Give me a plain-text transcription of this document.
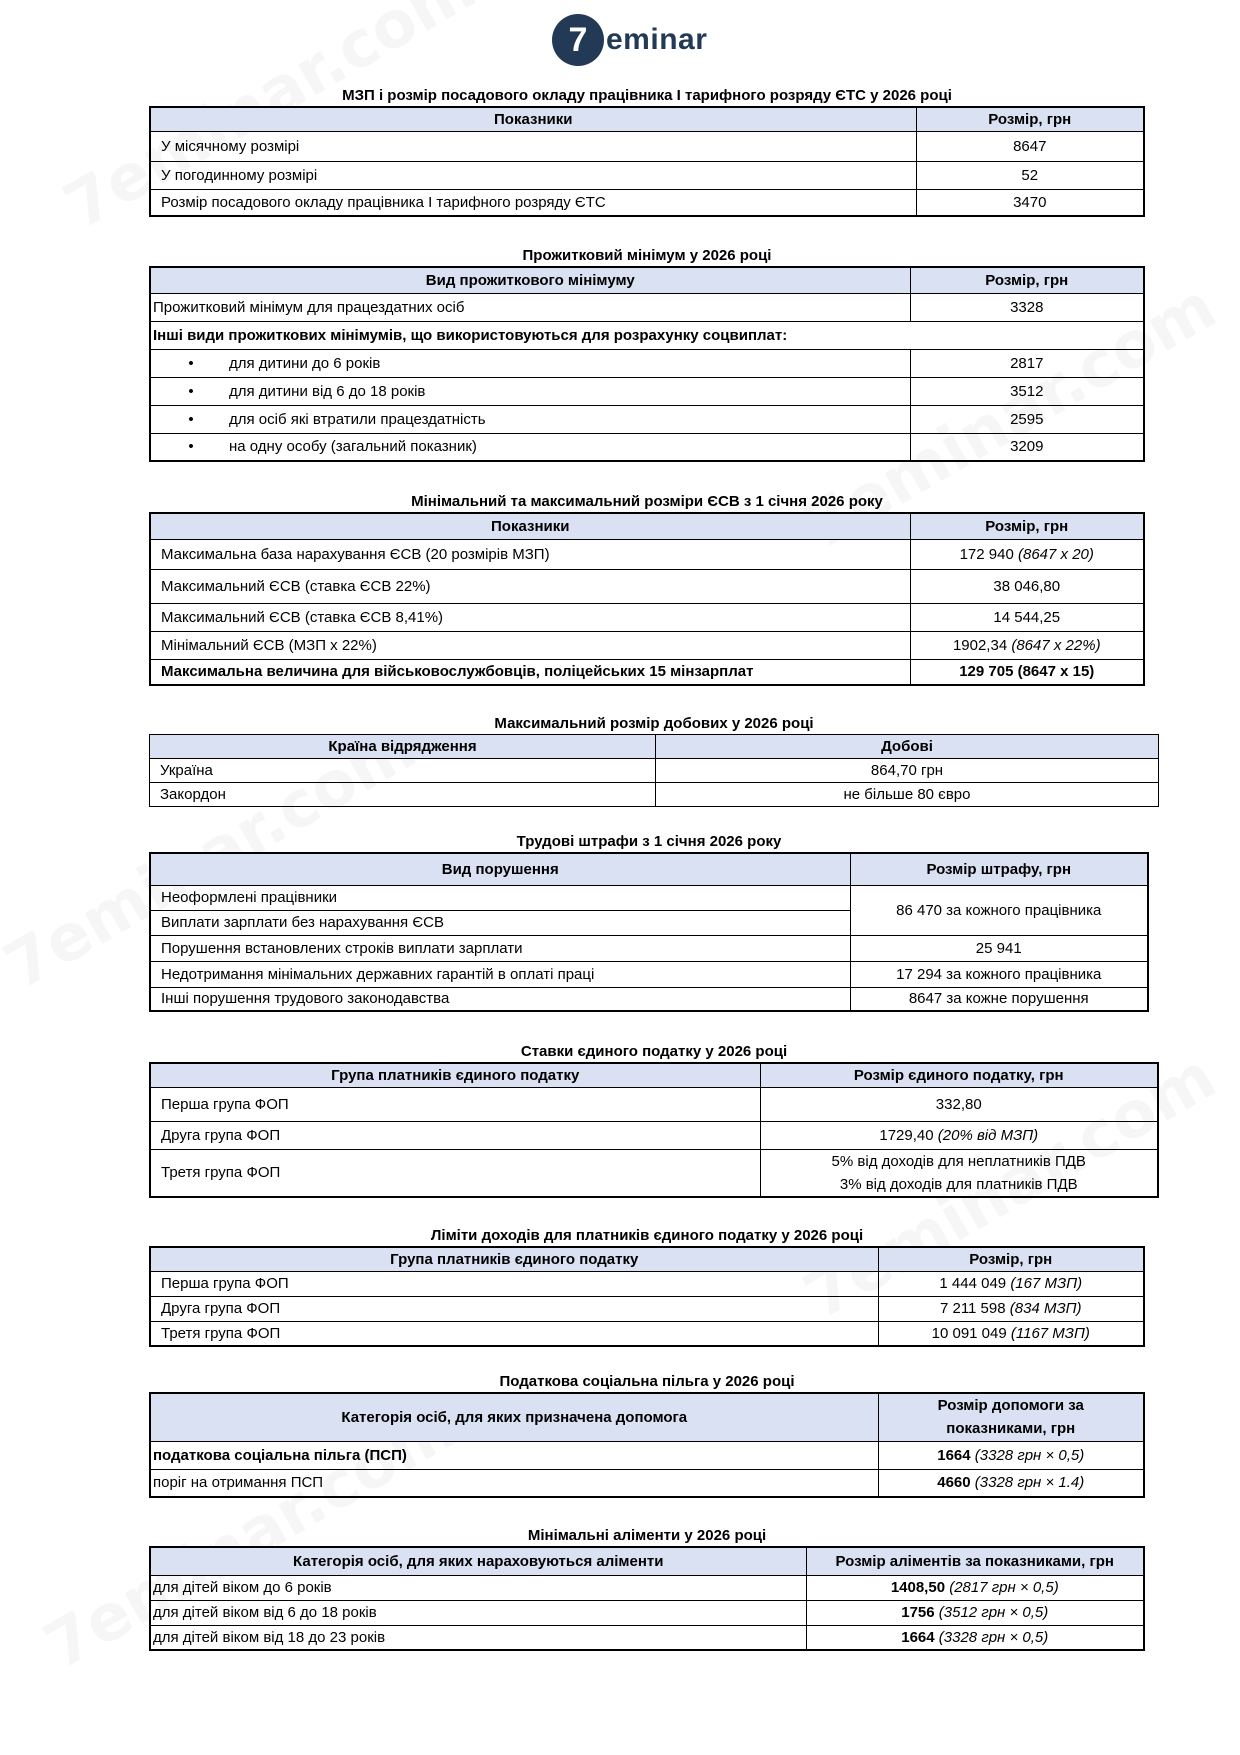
7 eminar
МЗП і розмір посадового окладу працівника І тарифного розряду ЄТС у 2026 році
Показники	Розмір, грн
У місячному розмірі	8647
У погодинному розмірі	52
Розмір посадового окладу працівника І тарифного розряду ЄТС	3470
Прожитковий мінімум у 2026 році
Вид прожиткового мінімуму	Розмір, грн
Прожитковий мінімум для працездатних осіб	3328
Інші види прожиткових мінімумів, що використовуються для розрахунку соцвиплат:	
• для дитини до 6 років	2817
• для дитини від 6 до 18 років	3512
• для осіб які втратили працездатність	2595
• на одну особу (загальний показник)	3209
Мінімальний та максимальний розміри ЄСВ з 1 січня 2026 року
Показники	Розмір, грн
Максимальна база нарахування ЄСВ (20 розмірів МЗП)	172 940 (8647 х 20)
Максимальний ЄСВ (ставка ЄСВ 22%)	38 046,80
Максимальний ЄСВ (ставка ЄСВ 8,41%)	14 544,25
Мінімальний ЄСВ (МЗП х 22%)	1902,34 (8647 х 22%)
Максимальна величина для військовослужбовців, поліцейських 15 мінзарплат	129 705 (8647 х 15)
Максимальний розмір добових у 2026 році
Країна відрядження	Добові
Україна	864,70 грн
Закордон	не більше 80 євро
Трудові штрафи з 1 січня 2026 року
Вид порушення	Розмір штрафу, грн
Неоформлені працівники	86 470 за кожного працівника
Виплати зарплати без нарахування ЄСВ	
Порушення встановлених строків виплати зарплати	25 941
Недотримання мінімальних державних гарантій в оплаті праці	17 294 за кожного працівника
Інші порушення трудового законодавства	8647 за кожне порушення
Ставки єдиного податку у 2026 році
Група платників єдиного податку	Розмір єдиного податку, грн
Перша група ФОП	332,80
Друга група ФОП	1729,40 (20% від МЗП)
Третя група ФОП	5% від доходів для неплатників ПДВ
3% від доходів для платників ПДВ
Ліміти доходів для платників єдиного податку у 2026 році
Група платників єдиного податку	Розмір, грн
Перша група ФОП	1 444 049 (167 МЗП)
Друга група ФОП	7 211 598 (834 МЗП)
Третя група ФОП	10 091 049 (1167 МЗП)
Податкова соціальна пільга у 2026 році
Категорія осіб, для яких призначена допомога	Розмір допомоги за
показниками, грн

податкова соціальна пільга (ПСП)	1664 (3328 грн × 0,5)
поріг на отримання ПСП	4660 (3328 грн × 1.4)
Мінімальні аліменти у 2026 році
Категорія осіб, для яких нараховуються аліменти	Розмір аліментів за показниками, грн
для дітей віком до 6 років	1408,50 (2817 грн × 0,5)
для дітей віком від 6 до 18 років	1756 (3512 грн × 0,5)
для дітей віком від 18 до 23 років	1664 (3328 грн × 0,5)
